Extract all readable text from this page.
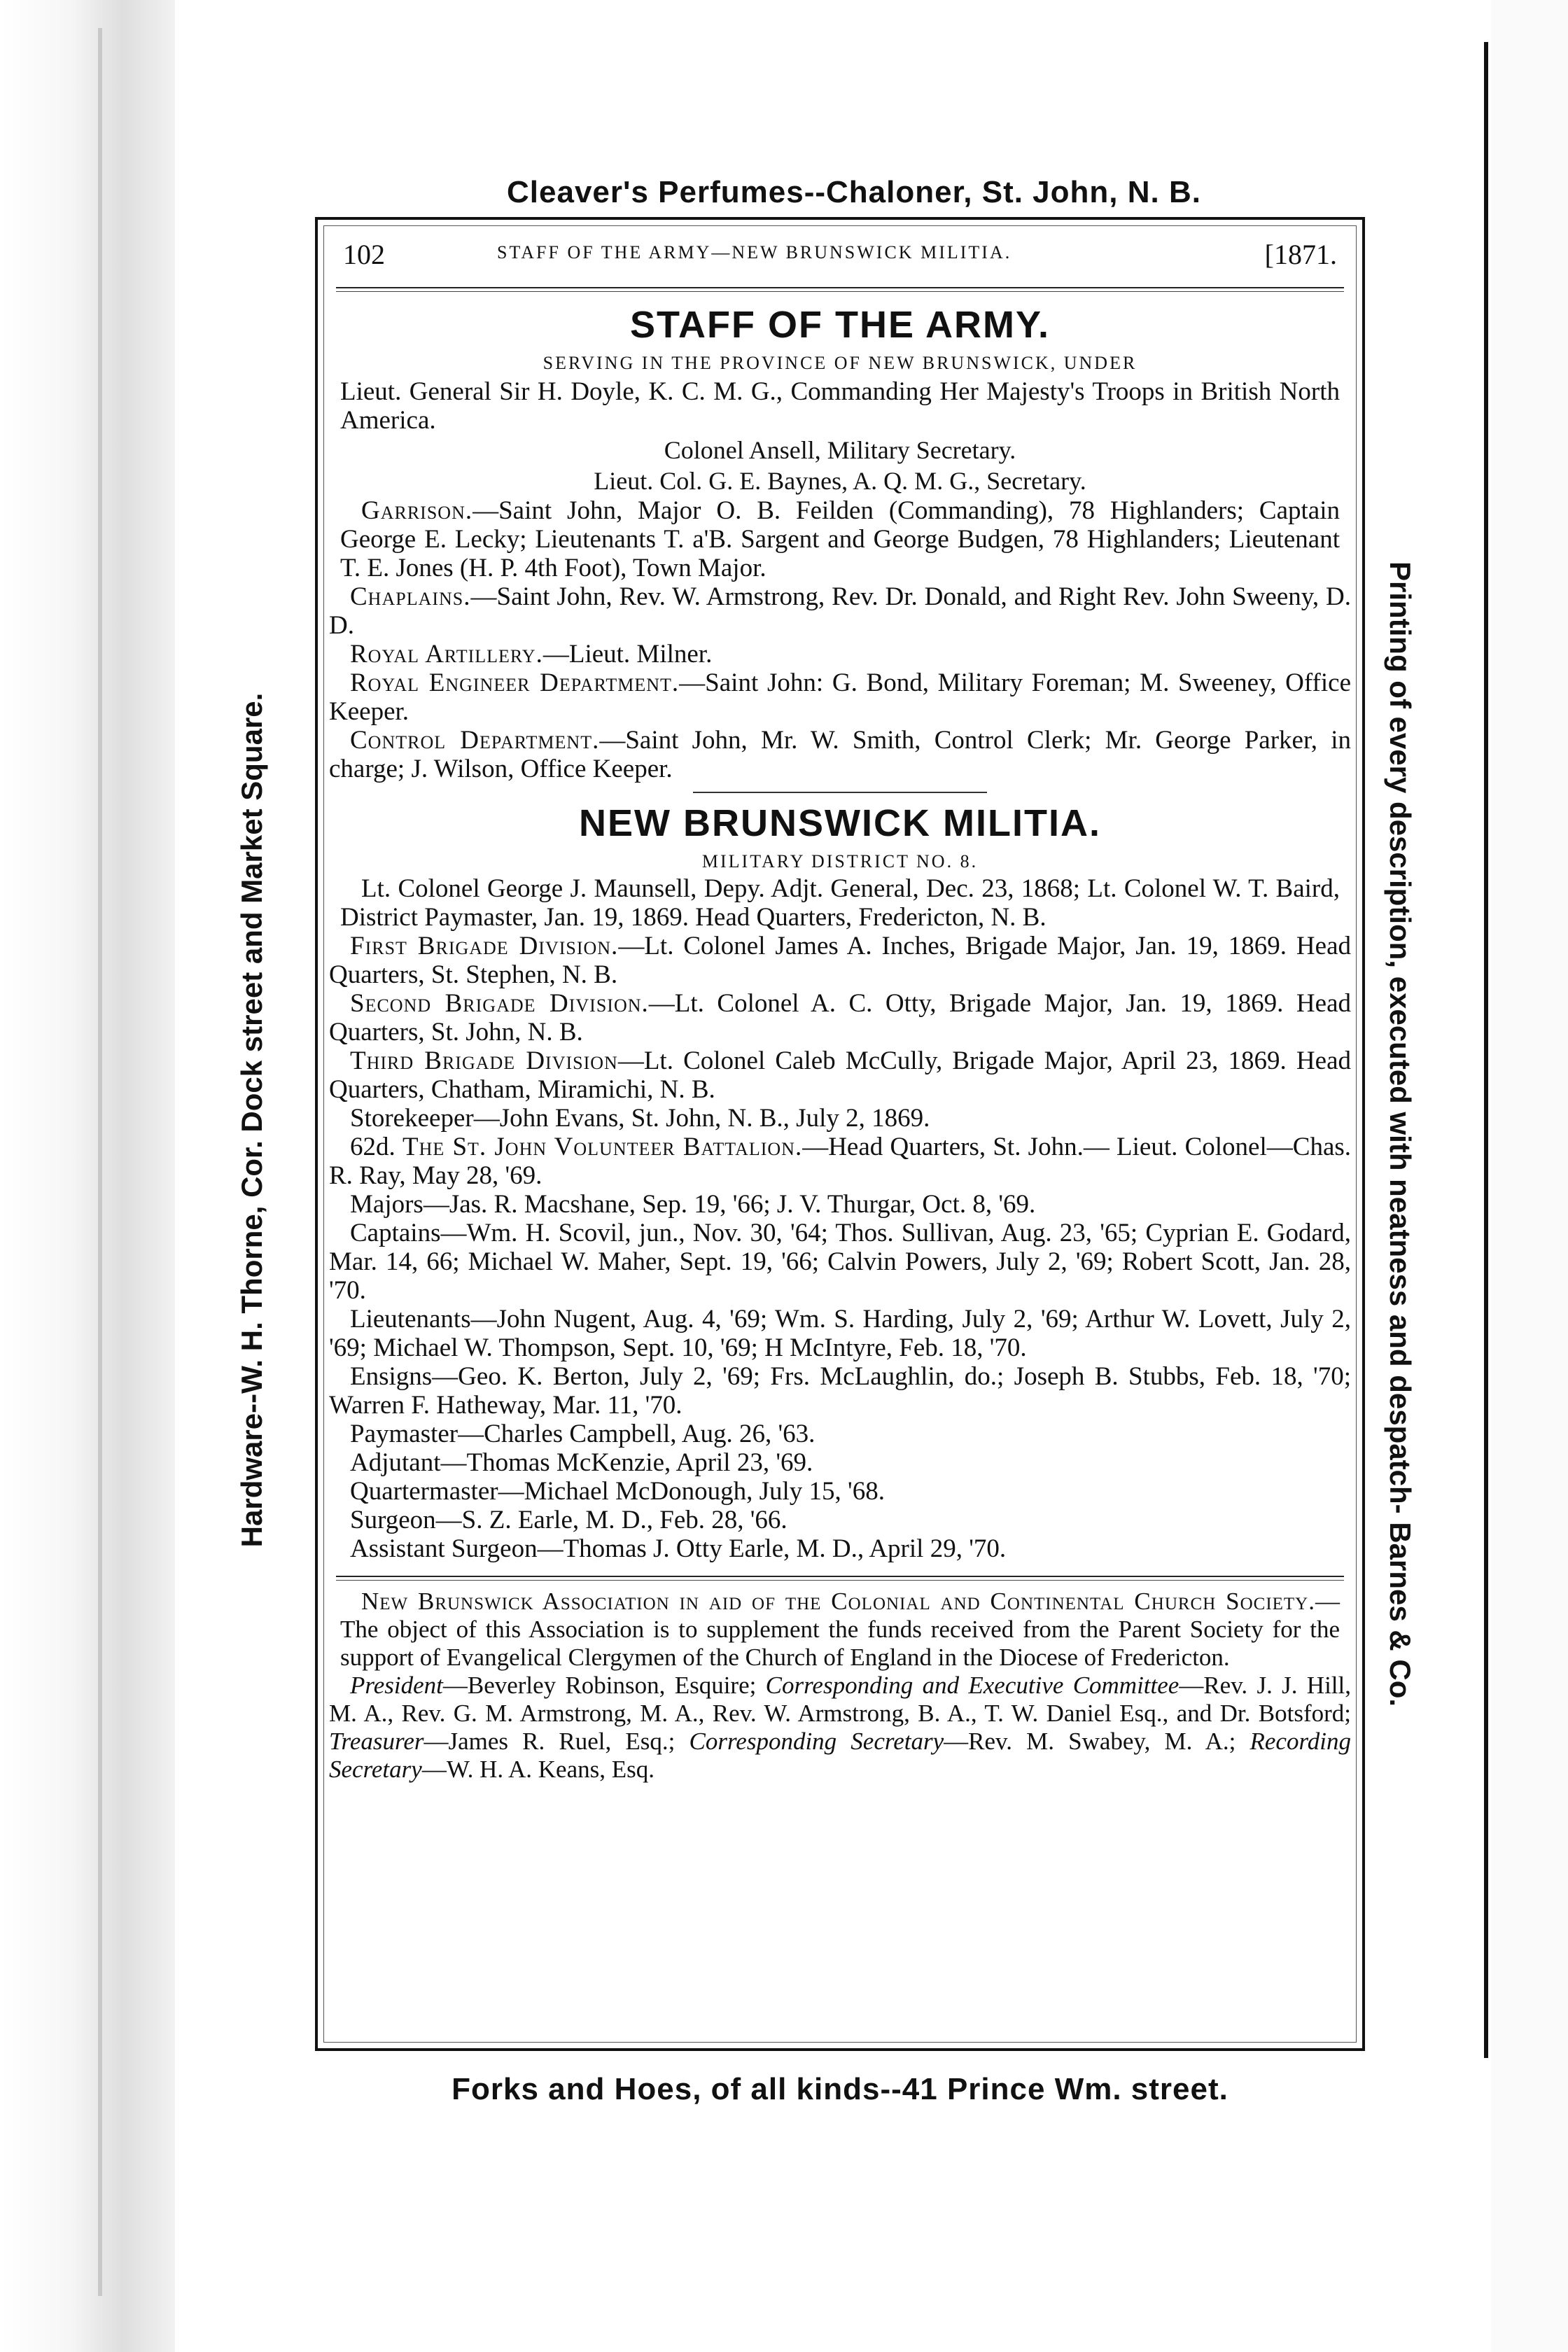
Cleaver's Perfumes--Chaloner, St. John, N. B.
Hardware--W. H. Thorne, Cor. Dock street and Market Square.	Printing of every description, executed with neatness and despatch- Barnes & Co.
102	STAFF OF THE ARMY—NEW BRUNSWICK MILITIA.	[1871.
STAFF OF THE ARMY.
SERVING IN THE PROVINCE OF NEW BRUNSWICK, UNDER

Lieut. General Sir H. Doyle, K. C. M. G., Commanding Her Majesty's Troops in British North America.

Colonel Ansell, Military Secretary.
Lieut. Col. G. E. Baynes, A. Q. M. G., Secretary.

Garrison.—Saint John, Major O. B. Feilden (Commanding), 78 Highlanders; Captain George E. Lecky; Lieutenants T. a'B. Sargent and George Budgen, 78 Highlanders; Lieutenant T. E. Jones (H. P. 4th Foot), Town Major.

Chaplains.—Saint John, Rev. W. Armstrong, Rev. Dr. Donald, and Right Rev. John Sweeny, D. D.

Royal Artillery.—Lieut. Milner.

Royal Engineer Department.—Saint John: G. Bond, Military Foreman; M. Sweeney, Office Keeper.

Control Department.—Saint John, Mr. W. Smith, Control Clerk; Mr. George Parker, in charge; J. Wilson, Office Keeper.

NEW BRUNSWICK MILITIA.
MILITARY DISTRICT NO. 8.

Lt. Colonel George J. Maunsell, Depy. Adjt. General, Dec. 23, 1868; Lt. Colonel W. T. Baird, District Paymaster, Jan. 19, 1869. Head Quarters, Fredericton, N. B.

First Brigade Division.—Lt. Colonel James A. Inches, Brigade Major, Jan. 19, 1869. Head Quarters, St. Stephen, N. B.

Second Brigade Division.—Lt. Colonel A. C. Otty, Brigade Major, Jan. 19, 1869. Head Quarters, St. John, N. B.

Third Brigade Division—Lt. Colonel Caleb McCully, Brigade Major, April 23, 1869. Head Quarters, Chatham, Miramichi, N. B.

Storekeeper—John Evans, St. John, N. B., July 2, 1869.

62d. The St. John Volunteer Battalion.—Head Quarters, St. John.— Lieut. Colonel—Chas. R. Ray, May 28, '69.

Majors—Jas. R. Macshane, Sep. 19, '66; J. V. Thurgar, Oct. 8, '69.

Captains—Wm. H. Scovil, jun., Nov. 30, '64; Thos. Sullivan, Aug. 23, '65; Cyprian E. Godard, Mar. 14, 66; Michael W. Maher, Sept. 19, '66; Calvin Powers, July 2, '69; Robert Scott, Jan. 28, '70.

Lieutenants—John Nugent, Aug. 4, '69; Wm. S. Harding, July 2, '69; Arthur W. Lovett, July 2, '69; Michael W. Thompson, Sept. 10, '69; H McIntyre, Feb. 18, '70.

Ensigns—Geo. K. Berton, July 2, '69; Frs. McLaughlin, do.; Joseph B. Stubbs, Feb. 18, '70; Warren F. Hatheway, Mar. 11, '70.

Paymaster—Charles Campbell, Aug. 26, '63.

Adjutant—Thomas McKenzie, April 23, '69.

Quartermaster—Michael McDonough, July 15, '68.

Surgeon—S. Z. Earle, M. D., Feb. 28, '66.

Assistant Surgeon—Thomas J. Otty Earle, M. D., April 29, '70.

New Brunswick Association in aid of the Colonial and Continental Church Society.—The object of this Association is to supplement the funds received from the Parent Society for the support of Evangelical Clergymen of the Church of England in the Diocese of Fredericton.

President—Beverley Robinson, Esquire; Corresponding and Executive Committee—Rev. J. J. Hill, M. A., Rev. G. M. Armstrong, M. A., Rev. W. Armstrong, B. A., T. W. Daniel Esq., and Dr. Botsford; Treasurer—James R. Ruel, Esq.; Corresponding Secretary—Rev. M. Swabey, M. A.; Recording Secretary—W. H. A. Keans, Esq.

Forks and Hoes, of all kinds--41 Prince Wm. street.
